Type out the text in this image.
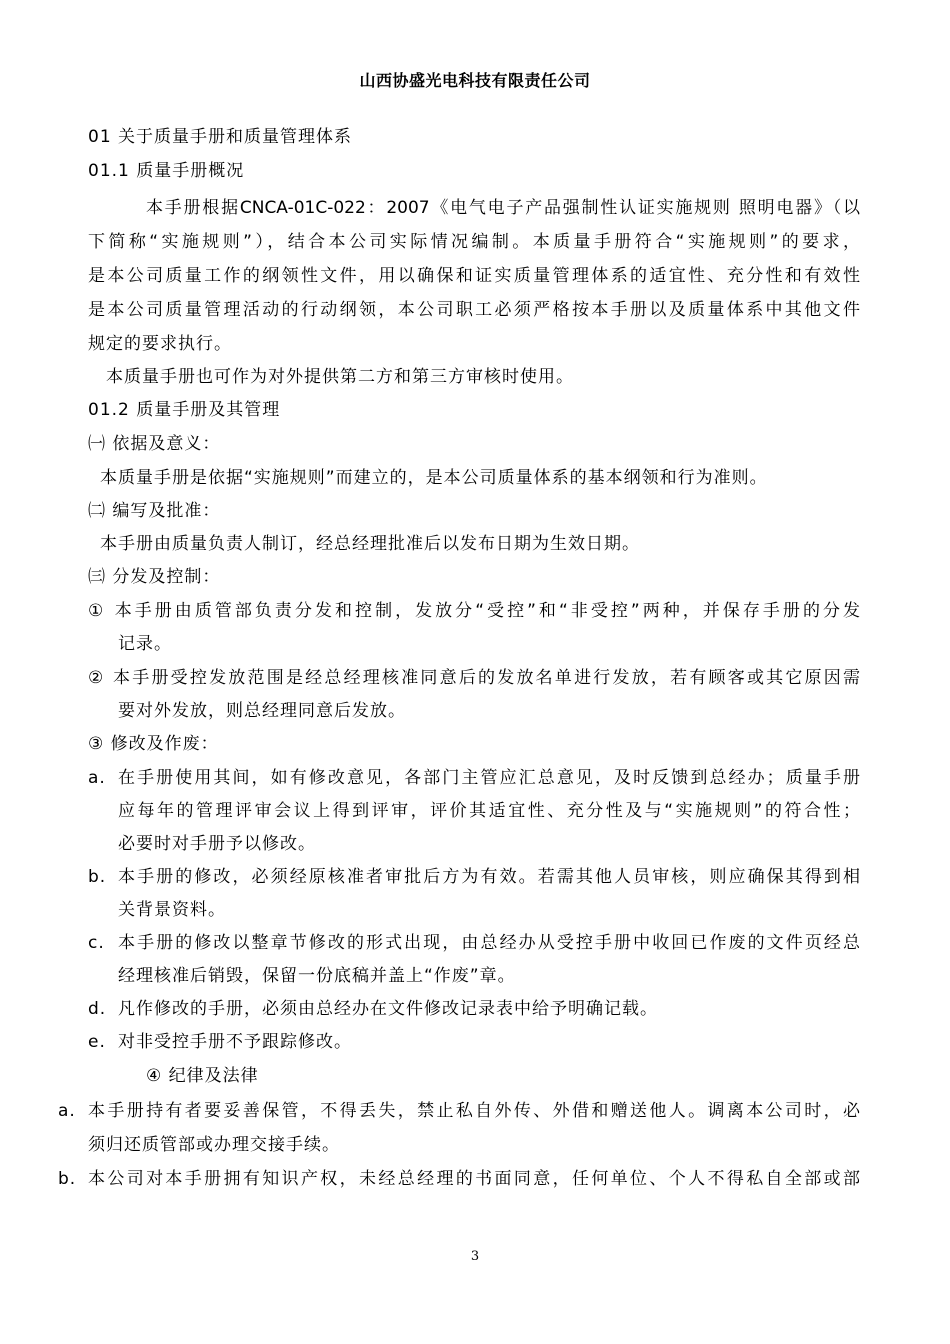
山西协盛光电科技有限责任公司
01 关于质量手册和质量管理体系
01.1 质量手册概况
本手册根据CNCA-01C-022：2007《电气电子产品强制性认证实施规则 照明电器》（以
下简称“实施规则”），结合本公司实际情况编制。本质量手册符合“实施规则”的要求，
是本公司质量工作的纲领性文件，用以确保和证实质量管理体系的适宜性、充分性和有效性
是本公司质量管理活动的行动纲领，本公司职工必须严格按本手册以及质量体系中其他文件
规定的要求执行。
本质量手册也可作为对外提供第二方和第三方审核时使用。
01.2 质量手册及其管理
㈠ 依据及意义：
本质量手册是依据“实施规则”而建立的，是本公司质量体系的基本纲领和行为准则。
㈡ 编写及批准：
本手册由质量负责人制订，经总经理批准后以发布日期为生效日期。
㈢ 分发及控制：
① 本手册由质管部负责分发和控制，发放分“受控”和“非受控”两种，并保存手册的分发
记录。
② 本手册受控发放范围是经总经理核准同意后的发放名单进行发放，若有顾客或其它原因需
要对外发放，则总经理同意后发放。
③ 修改及作废：
a. 在手册使用其间，如有修改意见，各部门主管应汇总意见，及时反馈到总经办；质量手册
应每年的管理评审会议上得到评审，评价其适宜性、充分性及与“实施规则”的符合性；
必要时对手册予以修改。
b. 本手册的修改，必须经原核准者审批后方为有效。若需其他人员审核，则应确保其得到相
关背景资料。
c. 本手册的修改以整章节修改的形式出现，由总经办从受控手册中收回已作废的文件页经总
经理核准后销毁，保留一份底稿并盖上“作废”章。
d. 凡作修改的手册，必须由总经办在文件修改记录表中给予明确记载。
e. 对非受控手册不予跟踪修改。
④ 纪律及法律
a. 本手册持有者要妥善保管，不得丢失，禁止私自外传、外借和赠送他人。调离本公司时，必
须归还质管部或办理交接手续。
b. 本公司对本手册拥有知识产权，未经总经理的书面同意，任何单位、个人不得私自全部或部
3
